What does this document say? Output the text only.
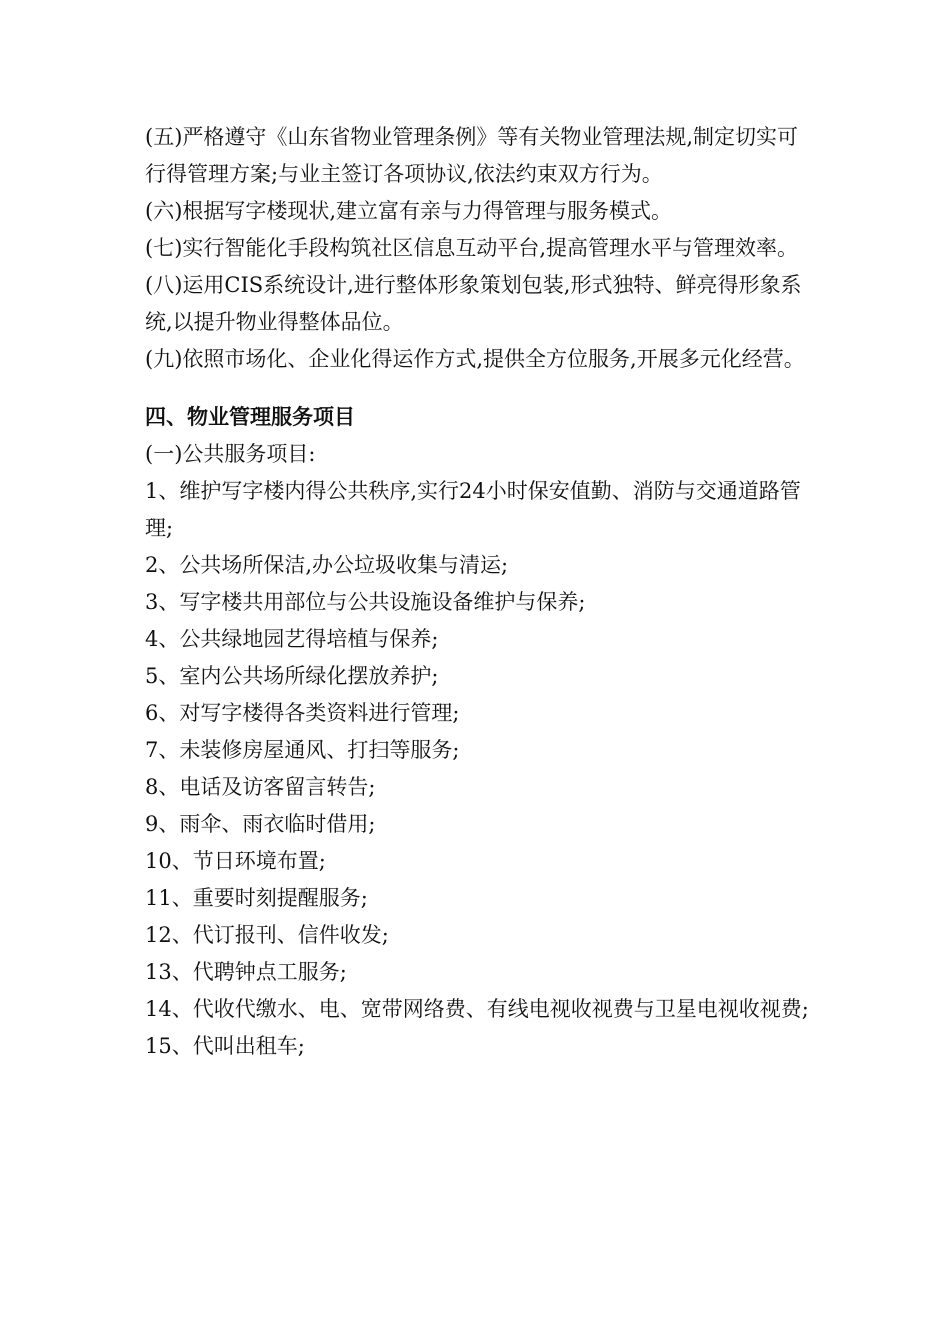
(五)严格遵守《山东省物业管理条例》等有关物业管理法规,制定切实可行得管理方案;与业主签订各项协议,依法约束双方行为。

(六)根据写字楼现状,建立富有亲与力得管理与服务模式。

(七)实行智能化手段构筑社区信息互动平台,提高管理水平与管理效率。

(八)运用CIS系统设计,进行整体形象策划包装,形式独特、鲜亮得形象系统,以提升物业得整体品位。

(九)依照市场化、企业化得运作方式,提供全方位服务,开展多元化经营。

四、物业管理服务项目

(一)公共服务项目:

1、维护写字楼内得公共秩序,实行24小时保安值勤、消防与交通道路管理;

2、公共场所保洁,办公垃圾收集与清运;

3、写字楼共用部位与公共设施设备维护与保养;

4、公共绿地园艺得培植与保养;

5、室内公共场所绿化摆放养护;

6、对写字楼得各类资料进行管理;

7、未装修房屋通风、打扫等服务;

8、电话及访客留言转告;

9、雨伞、雨衣临时借用;

10、节日环境布置;

11、重要时刻提醒服务;

12、代订报刊、信件收发;

13、代聘钟点工服务;

14、代收代缴水、电、宽带网络费、有线电视收视费与卫星电视收视费;

15、代叫出租车;
